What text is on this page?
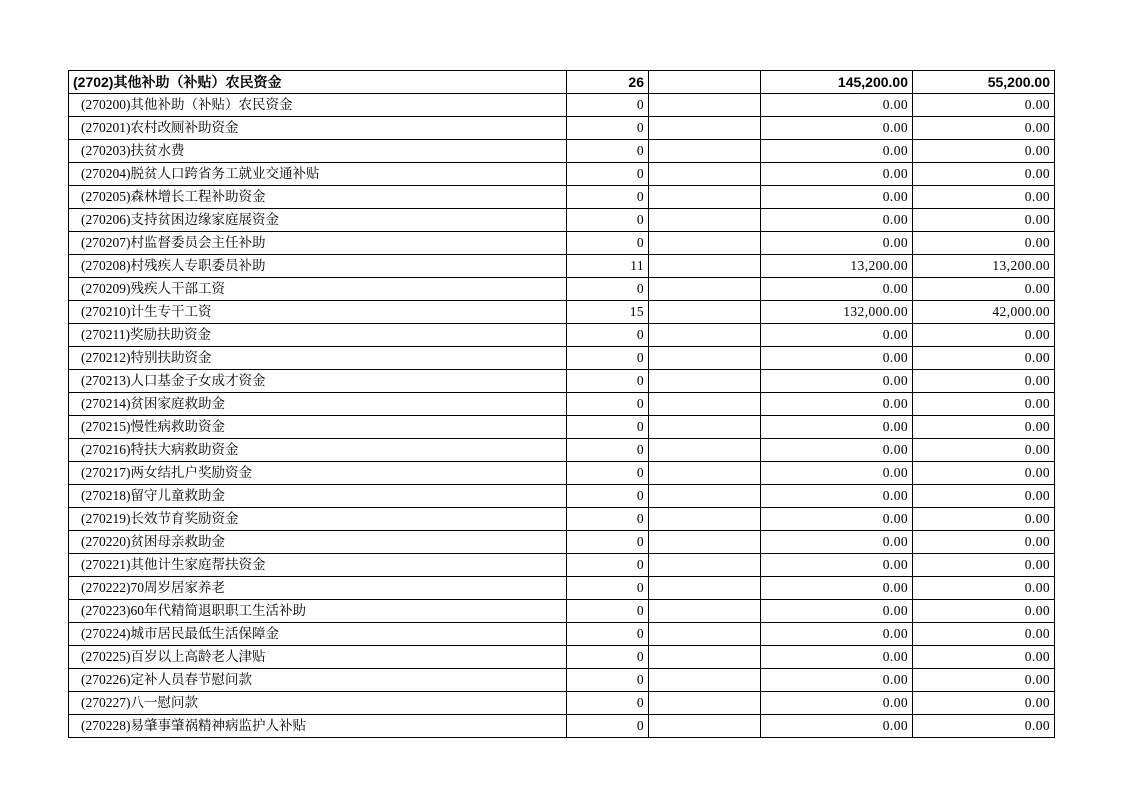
(2702)其他补助（补贴）农民资金	26		145,200.00	55,200.00
(270200)其他补助（补贴）农民资金	0		0.00	0.00
(270201)农村改厕补助资金	0		0.00	0.00
(270203)扶贫水费	0		0.00	0.00
(270204)脱贫人口跨省务工就业交通补贴	0		0.00	0.00
(270205)森林增长工程补助资金	0		0.00	0.00
(270206)支持贫困边缘家庭展资金	0		0.00	0.00
(270207)村监督委员会主任补助	0		0.00	0.00
(270208)村残疾人专职委员补助	11		13,200.00	13,200.00
(270209)残疾人干部工资	0		0.00	0.00
(270210)计生专干工资	15		132,000.00	42,000.00
(270211)奖励扶助资金	0		0.00	0.00
(270212)特别扶助资金	0		0.00	0.00
(270213)人口基金子女成才资金	0		0.00	0.00
(270214)贫困家庭救助金	0		0.00	0.00
(270215)慢性病救助资金	0		0.00	0.00
(270216)特扶大病救助资金	0		0.00	0.00
(270217)两女结扎户奖励资金	0		0.00	0.00
(270218)留守儿童救助金	0		0.00	0.00
(270219)长效节育奖励资金	0		0.00	0.00
(270220)贫困母亲救助金	0		0.00	0.00
(270221)其他计生家庭帮扶资金	0		0.00	0.00
(270222)70周岁居家养老	0		0.00	0.00
(270223)60年代精简退职职工生活补助	0		0.00	0.00
(270224)城市居民最低生活保障金	0		0.00	0.00
(270225)百岁以上高龄老人津贴	0		0.00	0.00
(270226)定补人员春节慰问款	0		0.00	0.00
(270227)八一慰问款	0		0.00	0.00
(270228)易肇事肇祸精神病监护人补贴	0		0.00	0.00
